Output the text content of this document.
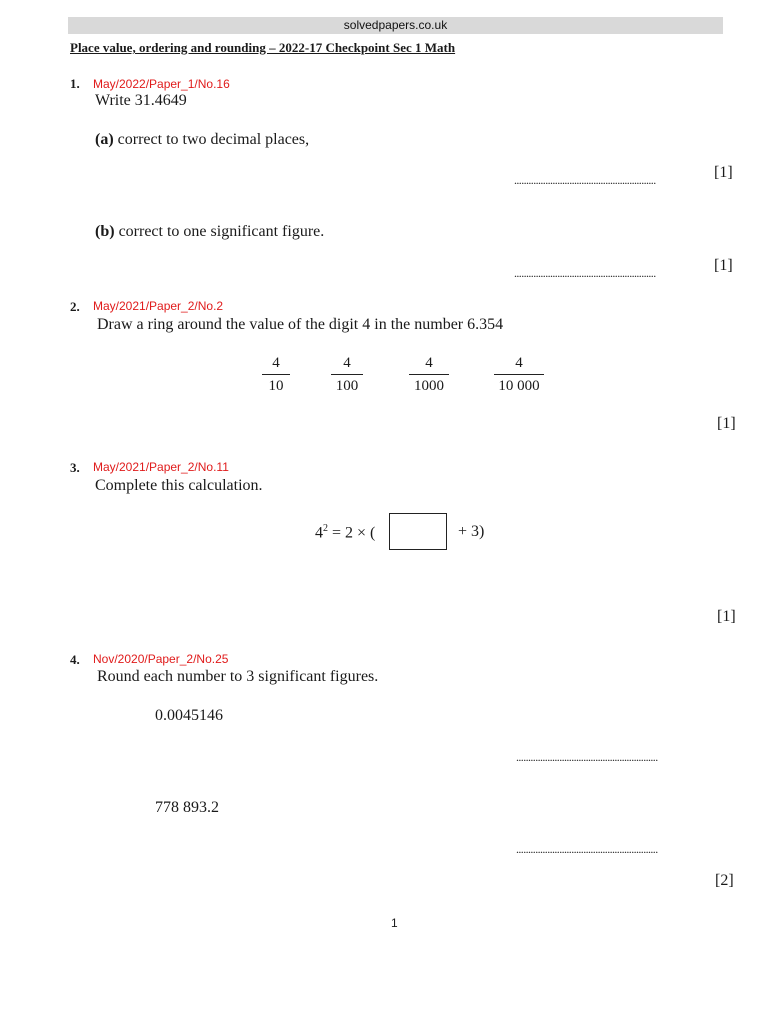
solvedpapers.co.uk
Place value, ordering and rounding – 2022-17 Checkpoint Sec 1 Math
1. May/2022/Paper_1/No.16
Write 31.4649
(a) correct to two decimal places,
...........................................................	[1]
(b) correct to one significant figure.
...........................................................	[1]
2. May/2021/Paper_2/No.2
Draw a ring around the value of the digit 4 in the number 6.354
4
10
4
100
4
1000
4
10 000
[1]
3. May/2021/Paper_2/No.11
Complete this calculation.
$4^2 = 2$ × (	+ 3)
[1]
4. Nov/2020/Paper_2/No.25
Round each number to 3 significant figures.
0.0045146
...........................................................
778 893.2
...........................................................
[2]
1
